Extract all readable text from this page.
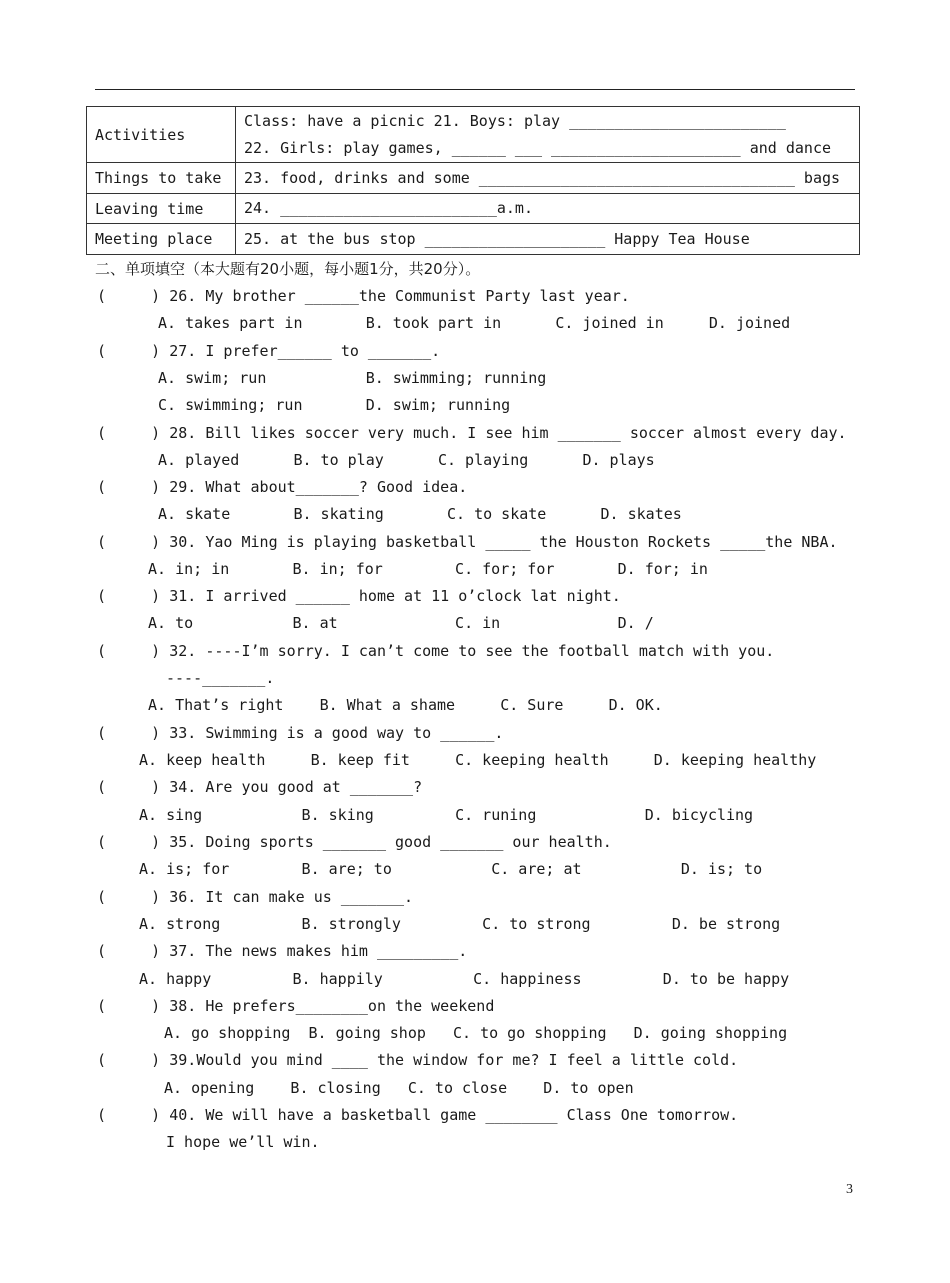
Activities	Class: have a picnic 21. Boys: play ________________________
22. Girls: play games, ______ ___ _____________________ and dance

Things to take	23. food, drinks and some ___________________________________ bags

Leaving time	24. ________________________a.m.

Meeting place	25. at the bus stop ____________________ Happy Tea House
二、单项填空（本大题有20小题，每小题1分，共20分）。
(     ) 26. My brother ______the Communist Party last year.
A. takes part in       B. took part in      C. joined in     D. joined
(     ) 27. I prefer______ to _______.
A. swim; run           B. swimming; running
C. swimming; run       D. swim; running
(     ) 28. Bill likes soccer very much. I see him _______ soccer almost every day.
A. played      B. to play      C. playing      D. plays
(     ) 29. What about_______? Good idea.
A. skate       B. skating       C. to skate      D. skates
(     ) 30. Yao Ming is playing basketball _____ the Houston Rockets _____the NBA.
A. in; in       B. in; for        C. for; for       D. for; in
(     ) 31. I arrived ______ home at 11 o’clock lat night.
A. to           B. at             C. in             D. /
(     ) 32. ----I’m sorry. I can’t come to see the football match with you.
----_______.
A. That’s right    B. What a shame     C. Sure     D. OK.
(     ) 33. Swimming is a good way to ______.
A. keep health     B. keep fit     C. keeping health     D. keeping healthy
(     ) 34. Are you good at _______?
A. sing           B. sking         C. runing            D. bicycling
(     ) 35. Doing sports _______ good _______ our health.
A. is; for        B. are; to           C. are; at           D. is; to
(     ) 36. It can make us _______.
A. strong         B. strongly         C. to strong         D. be strong
(     ) 37. The news makes him _________.
A. happy         B. happily          C. happiness         D. to be happy
(     ) 38. He prefers________on the weekend
A. go shopping  B. going shop   C. to go shopping   D. going shopping
(     ) 39.Would you mind ____ the window for me? I feel a little cold.
A. opening    B. closing   C. to close    D. to open
(     ) 40. We will have a basketball game ________ Class One tomorrow.
I hope we’ll win.
3
